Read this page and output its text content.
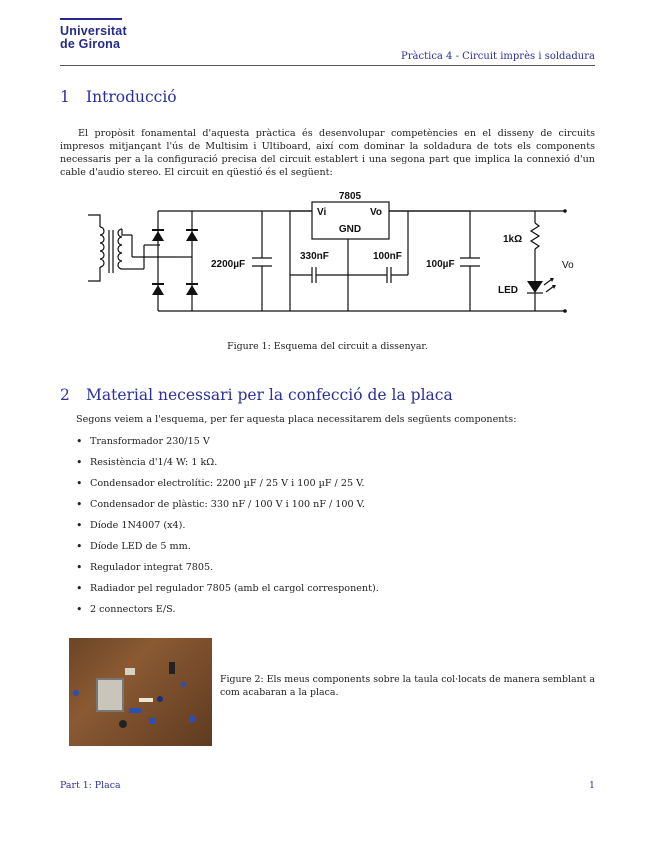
Universitat
de Girona
Pràctica 4 - Circuit imprès i soldadura
1 Introducció
El propòsit fonamental d'aquesta pràctica és desenvolupar competències en el disseny de circuits impresos mitjançant l'ús de Multisim i Ultiboard, així com dominar la soldadura de tots els components necessaris per a la configuració precisa del circuit establert i una segona part que implica la connexió d'un cable d'audio stereo. El circuit en qüestió és el següent:
7805
Vi	Vo
GND
2200µF
330nF	100nF
100µF
1kΩ
LED
Vo
Figure 1: Esquema del circuit a dissenyar.
2 Material necessari per la confecció de la placa
Segons veiem a l'esquema, per fer aquesta placa necessitarem dels següents components:
• Transformador 230/15 V
• Resistència d'1/4 W: 1 kΩ.
• Condensador electrolític: 2200 µF / 25 V i 100 µF / 25 V.
• Condensador de plàstic: 330 nF / 100 V i 100 nF / 100 V.
• Díode 1N4007 (x4).
• Díode LED de 5 mm.
• Regulador integrat 7805.
• Radiador pel regulador 7805 (amb el cargol corresponent).
• 2 connectors E/S.
Figure 2: Els meus components sobre la taula col·locats de manera semblant a com acabaran a la placa.
Part 1: Placa	1
